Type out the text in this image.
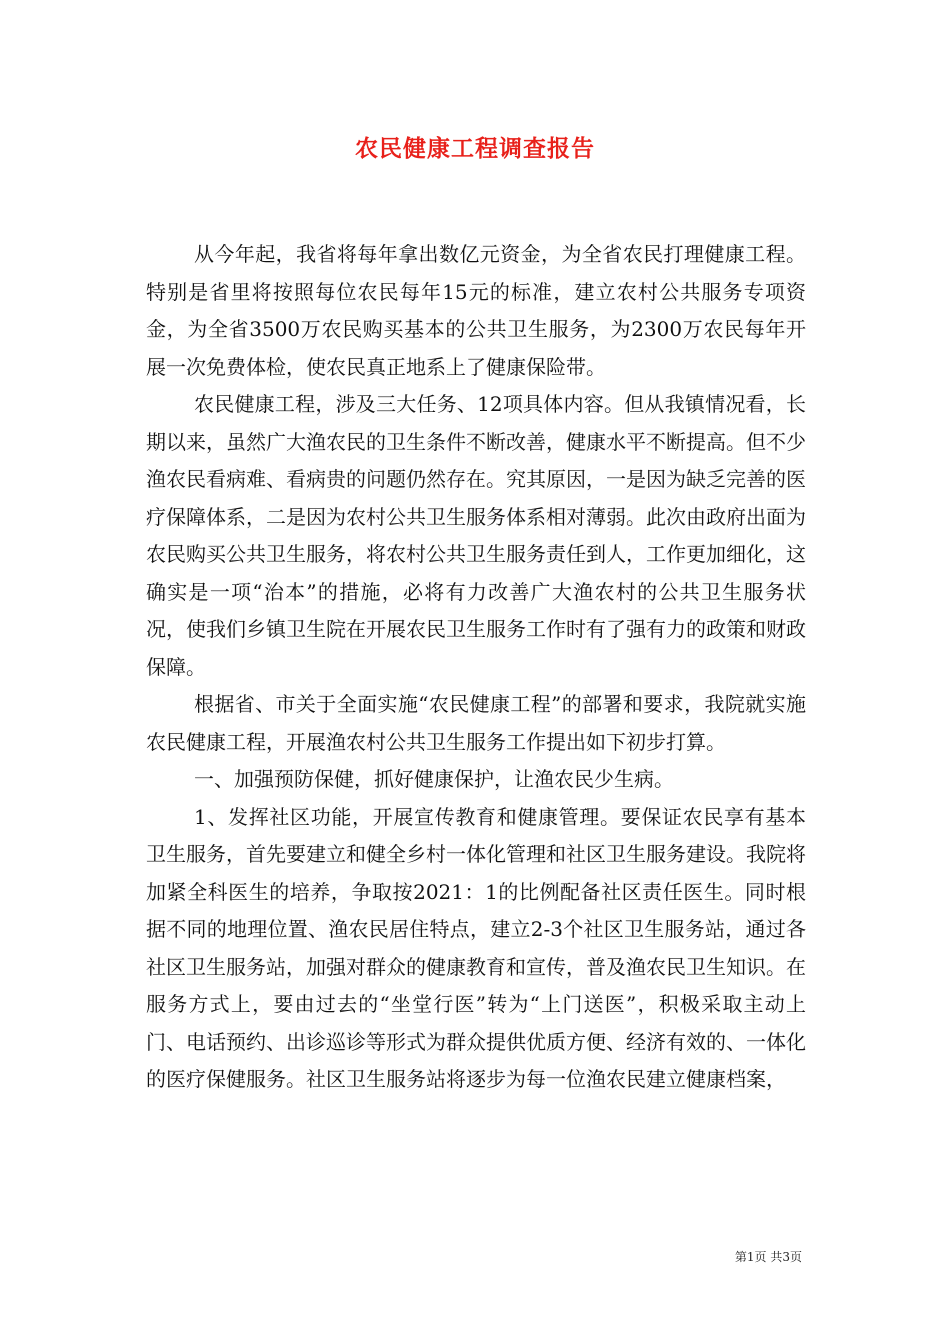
农民健康工程调查报告

从今年起，我省将每年拿出数亿元资金，为全省农民打理健康工程。特别是省里将按照每位农民每年15元的标准，建立农村公共服务专项资金，为全省3500万农民购买基本的公共卫生服务，为2300万农民每年开展一次免费体检，使农民真正地系上了健康保险带。

农民健康工程，涉及三大任务、12项具体内容。但从我镇情况看，长期以来，虽然广大渔农民的卫生条件不断改善，健康水平不断提高。但不少渔农民看病难、看病贵的问题仍然存在。究其原因，一是因为缺乏完善的医疗保障体系，二是因为农村公共卫生服务体系相对薄弱。此次由政府出面为农民购买公共卫生服务，将农村公共卫生服务责任到人，工作更加细化，这确实是一项“治本”的措施，必将有力改善广大渔农村的公共卫生服务状况，使我们乡镇卫生院在开展农民卫生服务工作时有了强有力的政策和财政保障。

根据省、市关于全面实施“农民健康工程”的部署和要求，我院就实施农民健康工程，开展渔农村公共卫生服务工作提出如下初步打算。

一、加强预防保健，抓好健康保护，让渔农民少生病。

1、发挥社区功能，开展宣传教育和健康管理。要保证农民享有基本卫生服务，首先要建立和健全乡村一体化管理和社区卫生服务建设。我院将加紧全科医生的培养，争取按2021：1的比例配备社区责任医生。同时根据不同的地理位置、渔农民居住特点，建立2-3个社区卫生服务站，通过各社区卫生服务站，加强对群众的健康教育和宣传，普及渔农民卫生知识。在服务方式上，要由过去的“坐堂行医”转为“上门送医”，积极采取主动上门、电话预约、出诊巡诊等形式为群众提供优质方便、经济有效的、一体化的医疗保健服务。社区卫生服务站将逐步为每一位渔农民建立健康档案，

第1页 共3页
